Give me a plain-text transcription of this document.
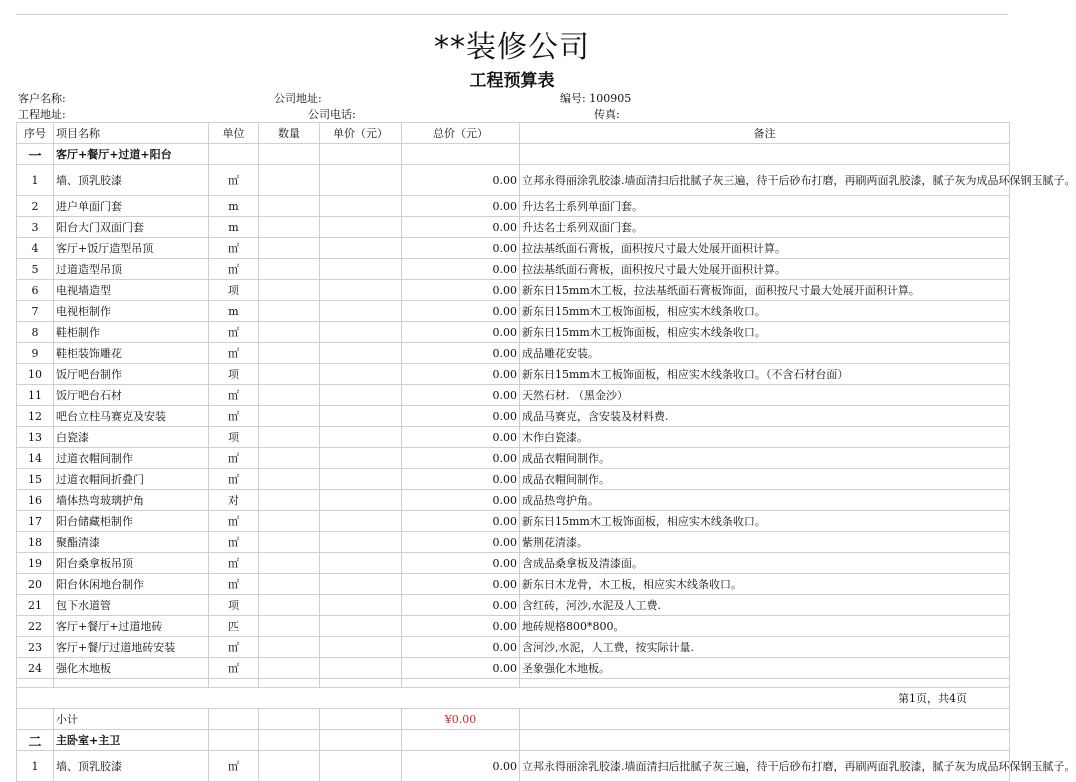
**装修公司
工程预算表
客户名称:	公司地址:	编号: 100905
工程地址:	公司电话:	传真:
序号	项目名称	单位	数量	单价（元）	总价（元）	备注
一	客厅+餐厅+过道+阳台					
1	墙、顶乳胶漆	㎡			0.00	立邦永得丽涂乳胶漆.墙面清扫后批腻子灰三遍，待干后砂布打磨，再刷两面乳胶漆，腻子灰为成品环保钢玉腻子。
2	进户单面门套	m			0.00	升达名士系列单面门套。
3	阳台大门双面门套	m			0.00	升达名士系列双面门套。
4	客厅+饭厅造型吊顶	㎡			0.00	拉法基纸面石膏板，面积按尺寸最大处展开面积计算。
5	过道造型吊顶	㎡			0.00	拉法基纸面石膏板，面积按尺寸最大处展开面积计算。
6	电视墙造型	项			0.00	新东日15mm木工板，拉法基纸面石膏板饰面，面积按尺寸最大处展开面积计算。
7	电视柜制作	m			0.00	新东日15mm木工板饰面板，相应实木线条收口。
8	鞋柜制作	㎡			0.00	新东日15mm木工板饰面板，相应实木线条收口。
9	鞋柜装饰雕花	㎡			0.00	成品雕花安装。
10	饭厅吧台制作	项			0.00	新东日15mm木工板饰面板，相应实木线条收口。（不含石材台面）
11	饭厅吧台石材	㎡			0.00	天然石材. （黑金沙）
12	吧台立柱马赛克及安装	㎡			0.00	成品马赛克，含安装及材料费.
13	白瓷漆	项			0.00	木作白瓷漆。
14	过道衣帽间制作	㎡			0.00	成品衣帽间制作。
15	过道衣帽间折叠门	㎡			0.00	成品衣帽间制作。
16	墙体热弯玻璃护角	对			0.00	成品热弯护角。
17	阳台储藏柜制作	㎡			0.00	新东日15mm木工板饰面板，相应实木线条收口。
18	聚酯清漆	㎡			0.00	紫荆花清漆。
19	阳台桑拿板吊顶	㎡			0.00	含成品桑拿板及清漆面。
20	阳台休闲地台制作	㎡			0.00	新东日木龙骨，木工板，相应实木线条收口。
21	包下水道管	项			0.00	含红砖，河沙,水泥及人工费.
22	客厅+餐厅+过道地砖	匹			0.00	地砖规格800*800。
23	客厅+餐厅过道地砖安装	㎡			0.00	含河沙,水泥，人工费，按实际计量.
24	强化木地板	㎡			0.00	圣象强化木地板。

第1页，共4页						
	小计				¥0.00	
二	主卧室+主卫					
1	墙、顶乳胶漆	㎡			0.00	立邦永得丽涂乳胶漆.墙面清扫后批腻子灰三遍，待干后砂布打磨，再刷两面乳胶漆，腻子灰为成品环保钢玉腻子。
